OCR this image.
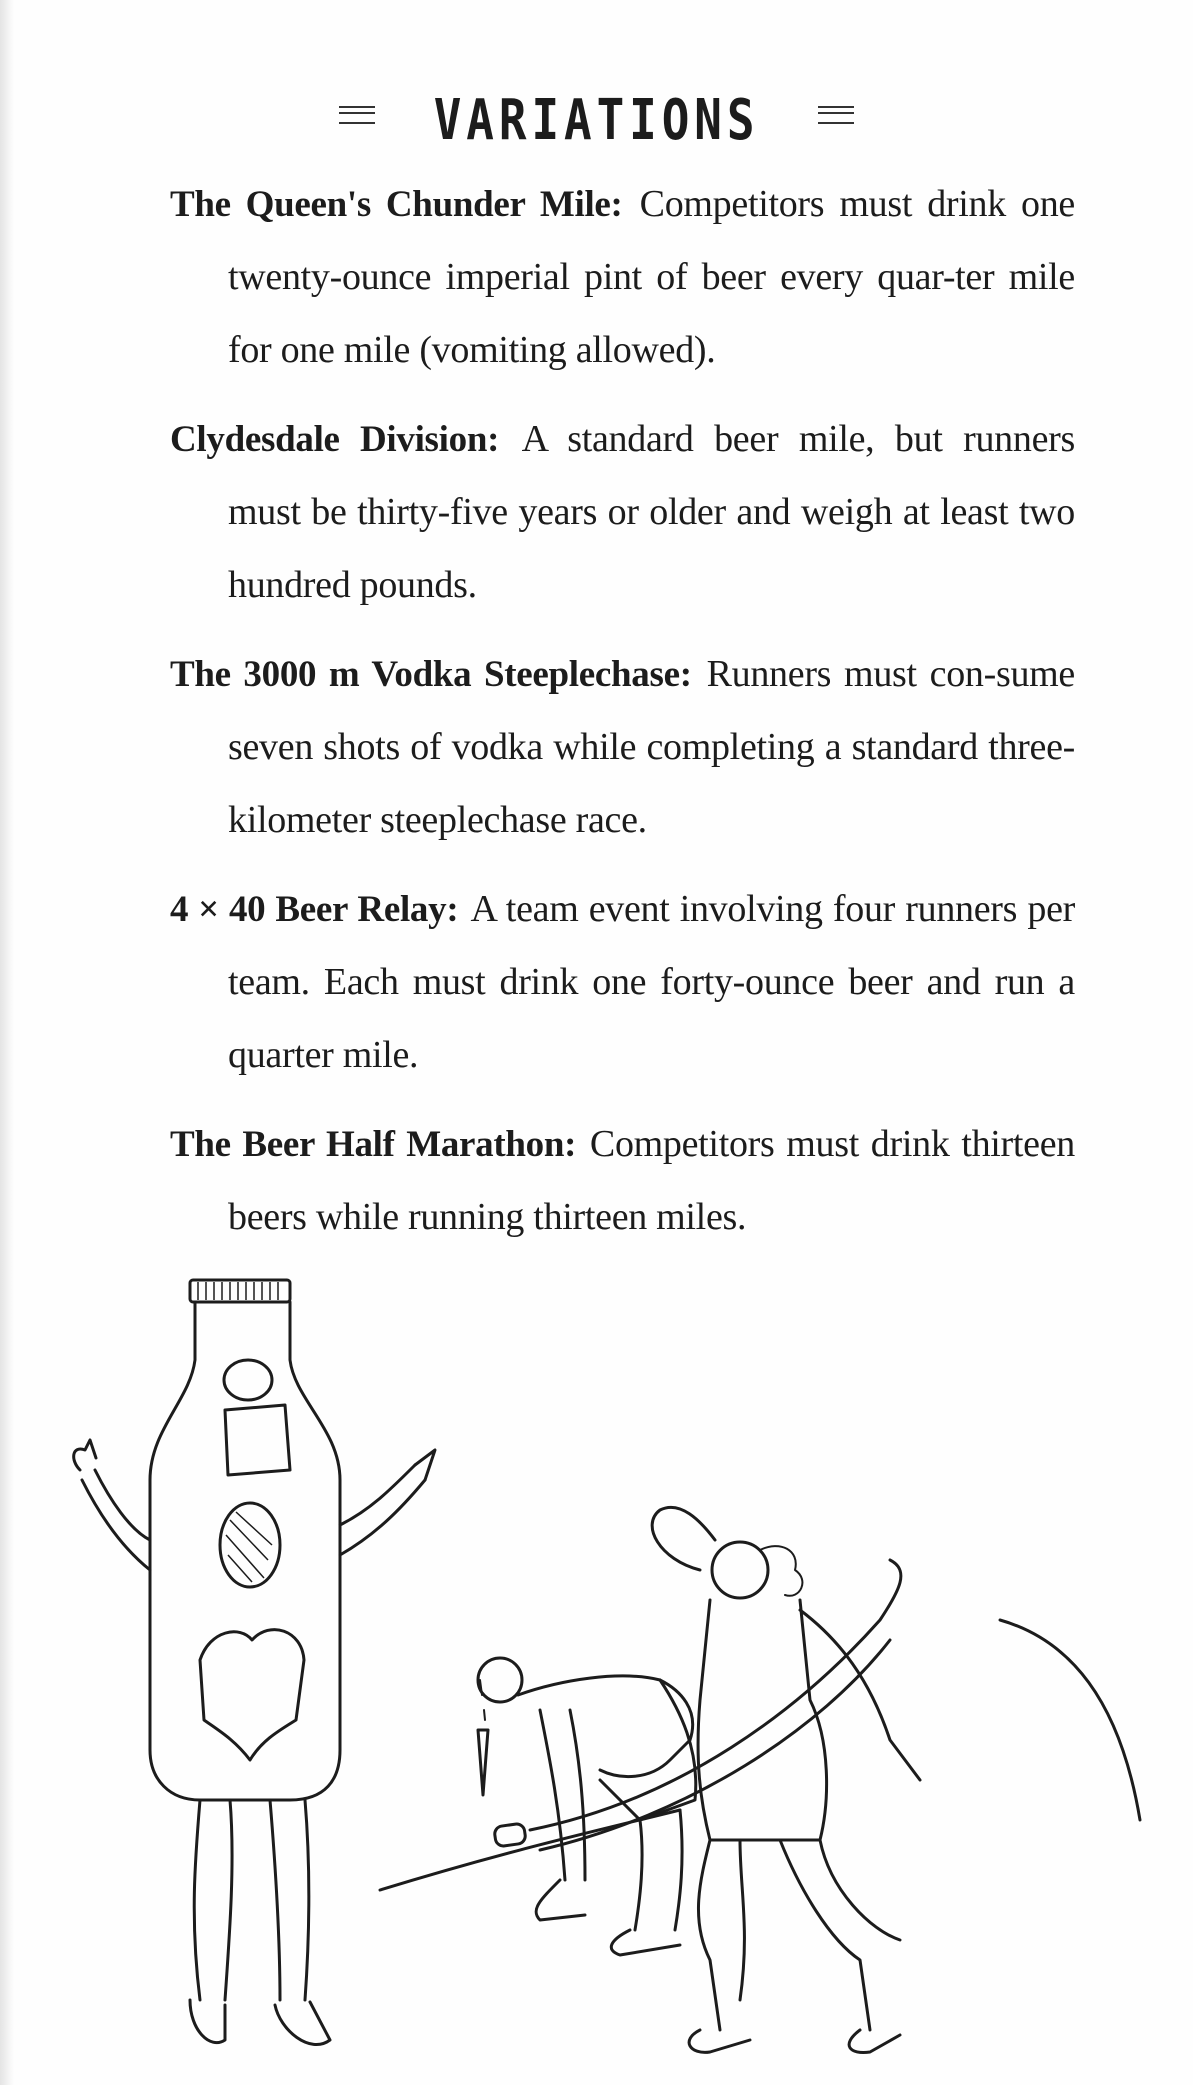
VARIATIONS

The Queen's Chunder Mile: Competitors must drink one twenty-ounce imperial pint of beer every quar-ter mile for one mile (vomiting allowed).

Clydesdale Division: A standard beer mile, but runners must be thirty-five years or older and weigh at least two hundred pounds.

The 3000 m Vodka Steeplechase: Runners must con-sume seven shots of vodka while completing a standard three-kilometer steeplechase race.

4 × 40 Beer Relay: A team event involving four runners per team. Each must drink one forty-ounce beer and run a quarter mile.

The Beer Half Marathon: Competitors must drink thirteen beers while running thirteen miles.
